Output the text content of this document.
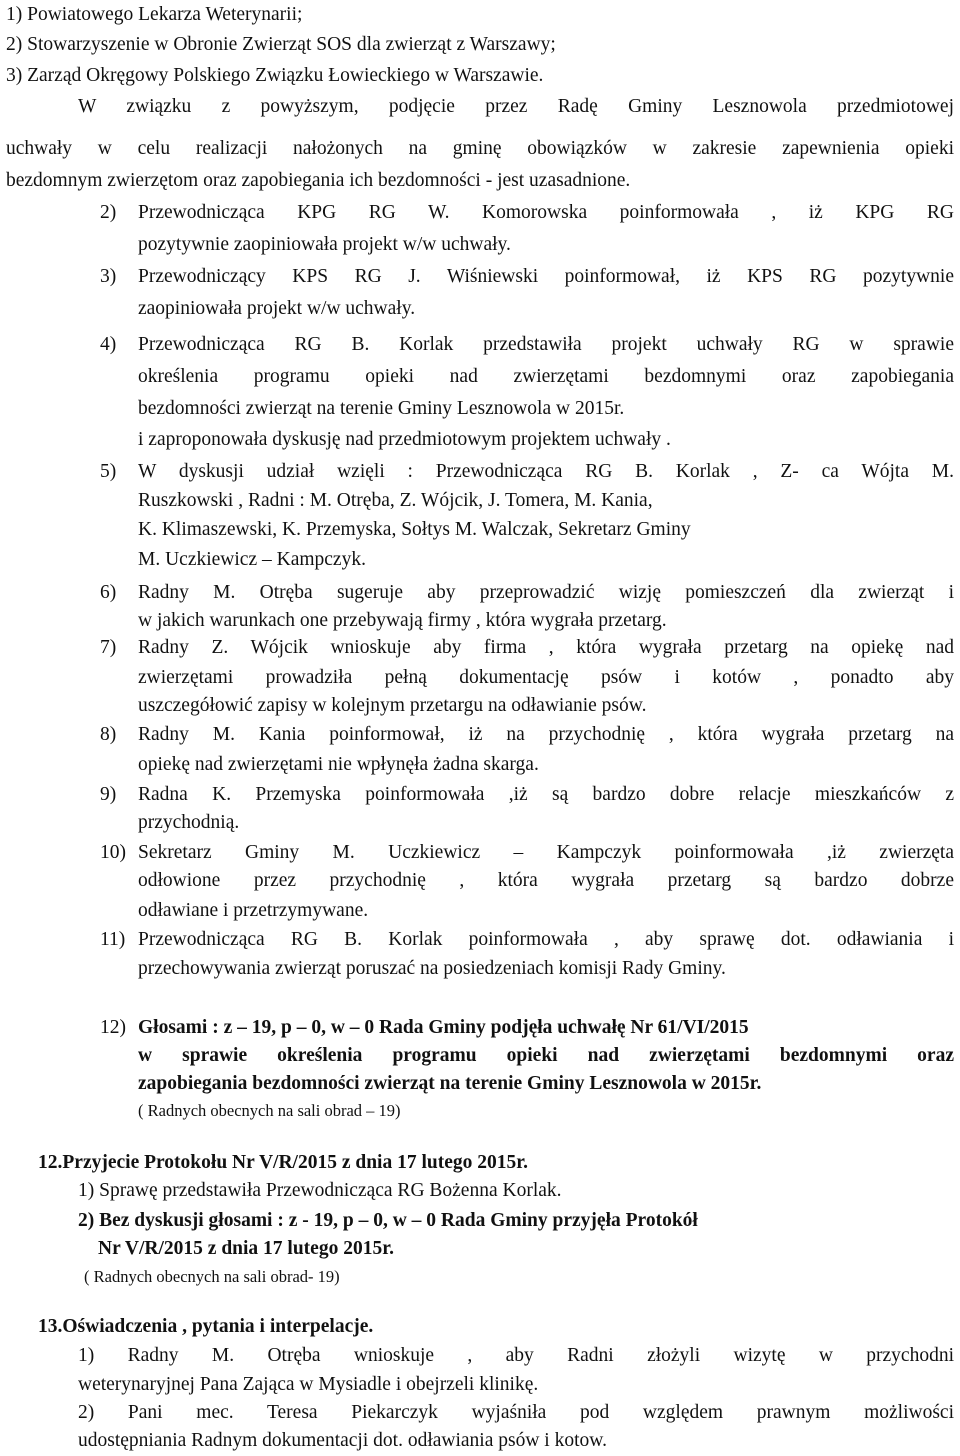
1) Powiatowego Lekarza Weterynarii;
2) Stowarzyszenie w Obronie Zwierząt SOS dla zwierząt z Warszawy;
3) Zarząd Okręgowy Polskiego Związku Łowieckiego w Warszawie.
W związku z powyższym, podjęcie przez Radę Gminy Lesznowola przedmiotowej
uchwały w celu realizacji nałożonych na gminę obowiązków w zakresie zapewnienia opieki
bezdomnym zwierzętom oraz zapobiegania ich bezdomności - jest uzasadnione.
2) Przewodnicząca KPG RG W. Komorowska poinformowała , iż KPG RG
pozytywnie zaopiniowała projekt w/w uchwały.
3) Przewodniczący KPS RG J. Wiśniewski poinformował, iż KPS RG pozytywnie
zaopiniowała projekt w/w uchwały.
4) Przewodnicząca RG B. Korlak przedstawiła projekt uchwały RG w sprawie
określenia programu opieki nad zwierzętami bezdomnymi oraz zapobiegania
bezdomności zwierząt na terenie Gminy Lesznowola w 2015r.
i zaproponowała dyskusję nad przedmiotowym projektem uchwały .
5) W dyskusji udział wzięli : Przewodnicząca RG B. Korlak , Z- ca Wójta M.
Ruszkowski , Radni : M. Otręba, Z. Wójcik, J. Tomera, M. Kania,
K. Klimaszewski, K. Przemyska, Sołtys M. Walczak, Sekretarz Gminy
M. Uczkiewicz – Kampczyk.
6) Radny M. Otręba sugeruje aby przeprowadzić wizję pomieszczeń dla zwierząt i
w jakich warunkach one przebywają firmy , która wygrała przetarg.
7) Radny Z. Wójcik wnioskuje aby firma , która wygrała przetarg na opiekę nad
zwierzętami prowadziła pełną dokumentację psów i kotów , ponadto aby
uszczegółowić zapisy w kolejnym przetargu na odławianie psów.
8) Radny M. Kania poinformował, iż na przychodnię , która wygrała przetarg na
opiekę nad zwierzętami nie wpłynęła żadna skarga.
9) Radna K. Przemyska poinformowała ,iż są bardzo dobre relacje mieszkańców z
przychodnią.
10) Sekretarz Gminy M. Uczkiewicz – Kampczyk poinformowała ,iż zwierzęta
odłowione przez przychodnię , która wygrała przetarg są bardzo dobrze
odławiane i przetrzymywane.
11) Przewodnicząca RG B. Korlak poinformowała , aby sprawę dot. odławiania i
przechowywania zwierząt poruszać na posiedzeniach komisji Rady Gminy.
12) Głosami : z – 19, p – 0, w – 0 Rada Gminy podjęła uchwałę Nr 61/VI/2015
w sprawie określenia programu opieki nad zwierzętami bezdomnymi oraz
zapobiegania bezdomności zwierząt na terenie Gminy Lesznowola w 2015r.
( Radnych obecnych na sali obrad – 19)
12.Przyjecie Protokołu Nr V/R/2015 z dnia 17 lutego 2015r.
1) Sprawę przedstawiła Przewodnicząca RG Bożenna Korlak.
2) Bez dyskusji głosami : z - 19, p – 0, w – 0 Rada Gminy przyjęła Protokół
Nr V/R/2015 z dnia 17 lutego 2015r.
( Radnych obecnych na sali obrad- 19)
13.Oświadczenia , pytania i interpelacje.
1) Radny M. Otręba wnioskuje , aby Radni złożyli wizytę w przychodni
weterynaryjnej Pana Zająca w Mysiadle i obejrzeli klinikę.
2) Pani mec. Teresa Piekarczyk wyjaśniła pod względem prawnym możliwości
udostępniania Radnym dokumentacji dot. odławiania psów i kotow.
